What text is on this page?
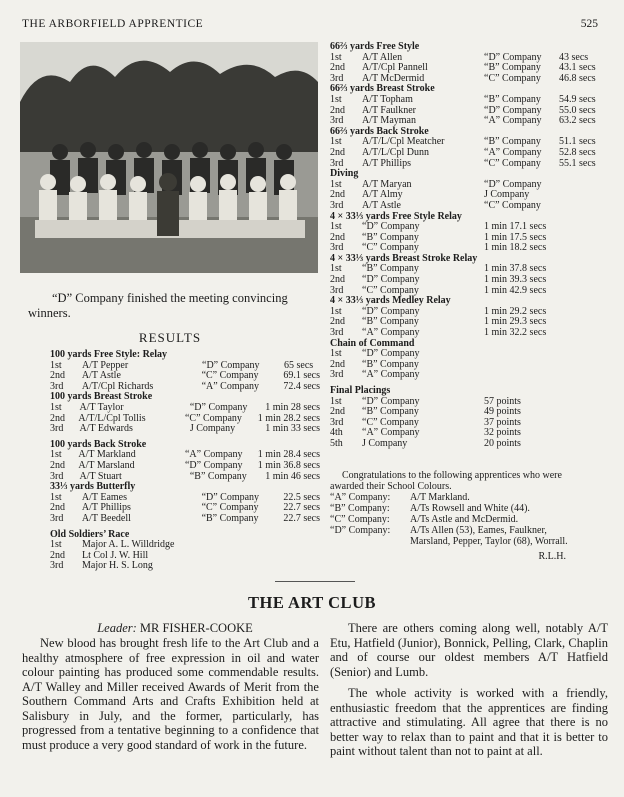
THE ARBORFIELD APPRENTICE	525
“D” Company finished the meeting convincing
winners.
RESULTS
100 yards Free Style: Relay
1st	A/T Pepper	“D” Company	65 secs
2nd	A/T Astle	“C” Company	69.1 secs
3rd	A/T/Cpl Richards	“A” Company	72.4 secs
100 yards Breast Stroke
1st	A/T Taylor	“D” Company	1 min 28 secs
2nd	A/T/L/Cpl Tollis	“C” Company	1 min 28.2 secs
3rd	A/T Edwards	J Company	1 min 33 secs
100 yards Back Stroke
1st	A/T Markland	“A” Company	1 min 28.4 secs
2nd	A/T Marsland	“D” Company	1 min 36.8 secs
3rd	A/T Stuart	“B” Company	1 min 46 secs
33⅓ yards Butterfly
1st	A/T Eames	“D” Company	22.5 secs
2nd	A/T Phillips	“C” Company	22.7 secs
3rd	A/T Beedell	“B” Company	22.7 secs
Old Soldiers’ Race
1st	Major A. L. Willdridge
2nd	Lt Col J. W. Hill
3rd	Major H. S. Long
66⅔ yards Free Style
1st	A/T Allen	“D” Company	43 secs
2nd	A/T/Cpl Pannell	“B” Company	43.1 secs
3rd	A/T McDermid	“C” Company	46.8 secs
66⅔ yards Breast Stroke
1st	A/T Topham	“B” Company	54.9 secs
2nd	A/T Faulkner	“D” Company	55.0 secs
3rd	A/T Mayman	“A” Company	63.2 secs
66⅔ yards Back Stroke
1st	A/T/L/Cpl Meatcher	“B” Company	51.1 secs
2nd	A/T/L/Cpl Dunn	“A” Company	52.8 secs
3rd	A/T Phillips	“C” Company	55.1 secs
Diving
1st	A/T Maryan	“D” Company
2nd	A/T Almy	J Company
3rd	A/T Astle	“C” Company
4 × 33⅓ yards Free Style Relay
1st	“D” Company	1 min 17.1 secs
2nd	“B” Company	1 min 17.5 secs
3rd	“C” Company	1 min 18.2 secs
4 × 33⅓ yards Breast Stroke Relay
1st	“B” Company	1 min 37.8 secs
2nd	“D” Company	1 min 39.3 secs
3rd	“C” Company	1 min 42.9 secs
4 × 33⅓ yards Medley Relay
1st	“D” Company	1 min 29.2 secs
2nd	“B” Company	1 min 29.3 secs
3rd	“A” Company	1 min 32.2 secs
Chain of Command
1st	“D” Company
2nd	“B” Company
3rd	“A” Company
Final Placings
1st	“D” Company	57 points
2nd	“B” Company	49 points
3rd	“C” Company	37 points
4th	“A” Company	32 points
5th	J Company	20 points
Congratulations to the following apprentices who were awarded their School Colours.
“A” Company:	A/T Markland.
“B” Company:	A/Ts Rowsell and White (44).
“C” Company:	A/Ts Astle and McDermid.
“D” Company:	A/Ts Allen (53), Eames, Faulkner, Marsland, Pepper, Taylor (68), Worrall.
R.L.H.
THE ART CLUB
Leader: MR FISHER-COOKE
New blood has brought fresh life to the Art Club and a healthy atmosphere of free expression in oil and water colour painting has produced some commendable results. A/T Walley and Miller received Awards of Merit from the Southern Command Arts and Crafts Exhibition held at Salisbury in July, and the former, particularly, has progressed from a tentative beginning to a confidence that must produce a very good standard of work in the future.
There are others coming along well, notably A/T Etu, Hatfield (Junior), Bonnick, Pelling, Clark, Chaplin and of course our oldest members A/T Hatfield (Senior) and Lumb.
The whole activity is worked with a friendly, enthusiastic freedom that the apprentices are finding attractive and stimulating. All agree that there is no better way to relax than to paint and that it is better to paint without talent than not to paint at all.
